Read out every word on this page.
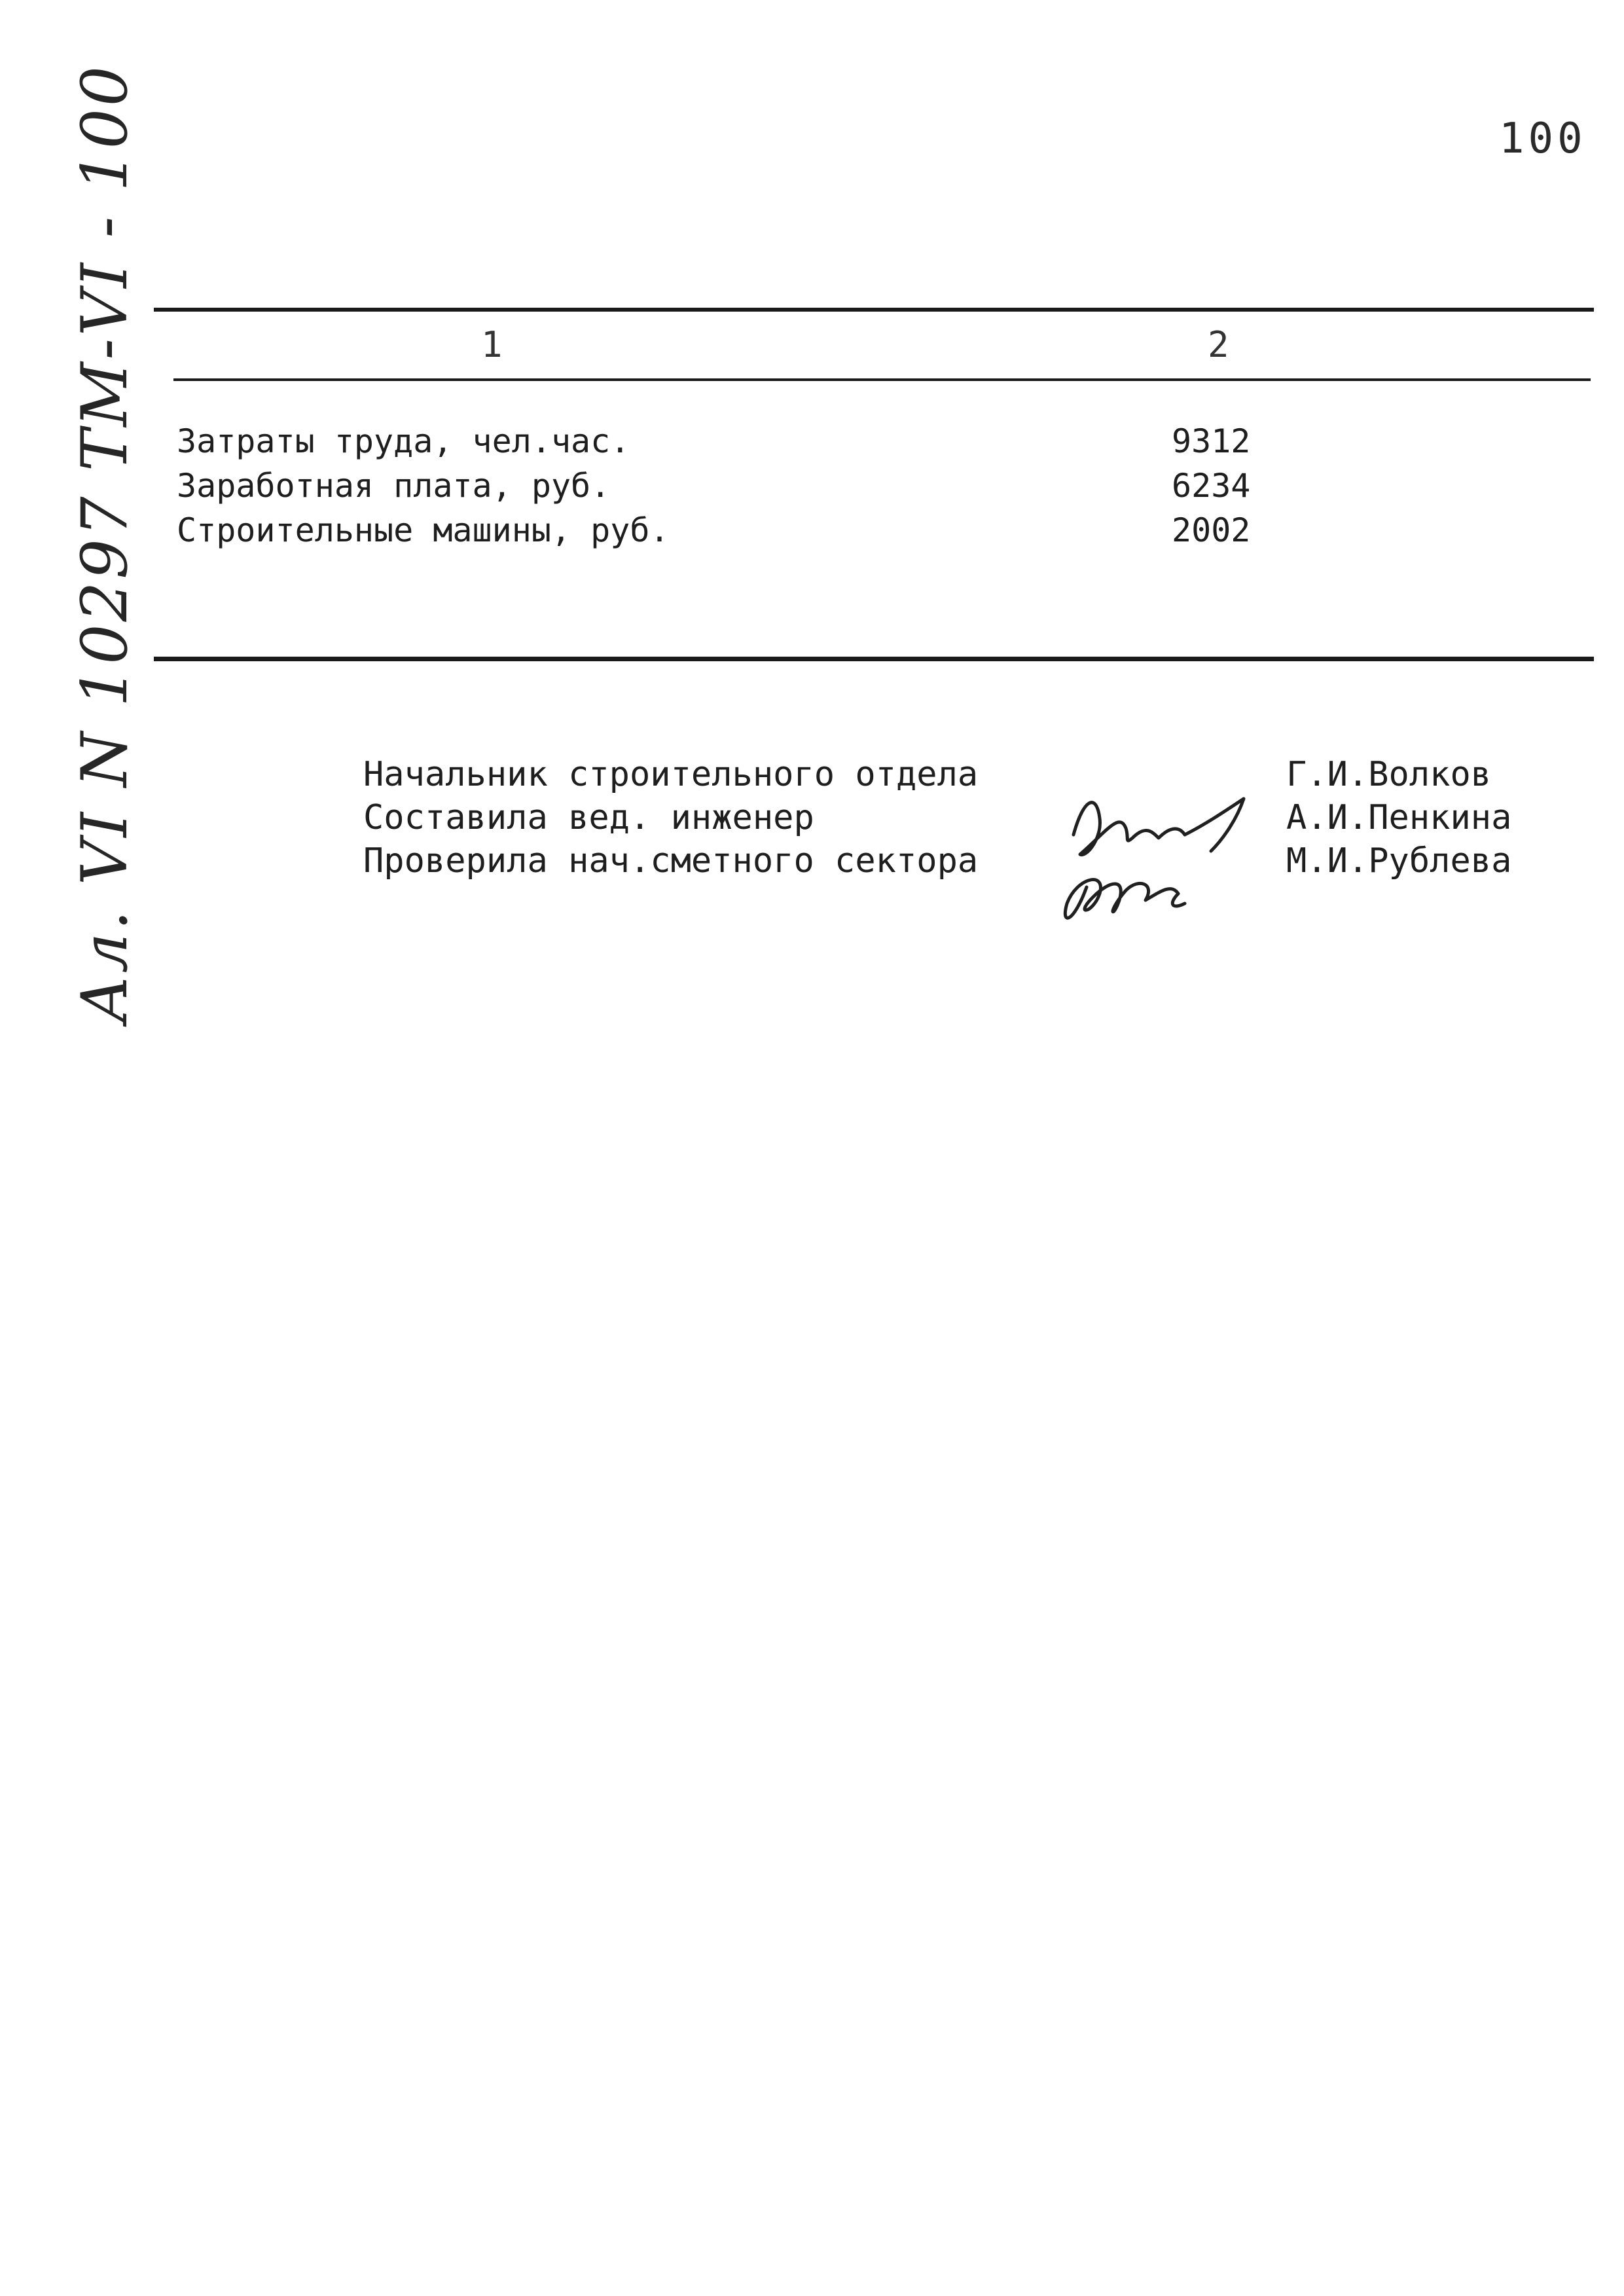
100
Ал. VI N 10297 ТМ-VI - 100	1	2
Затраты труда, чел.час.	9312
Заработная плата, руб.	6234
Строительные машины, руб.	2002
Начальник строительного отдела	Г.И.Волков
Составила вед. инженер	А.И.Пенкина
Проверила нач.сметного сектора	М.И.Рублева
